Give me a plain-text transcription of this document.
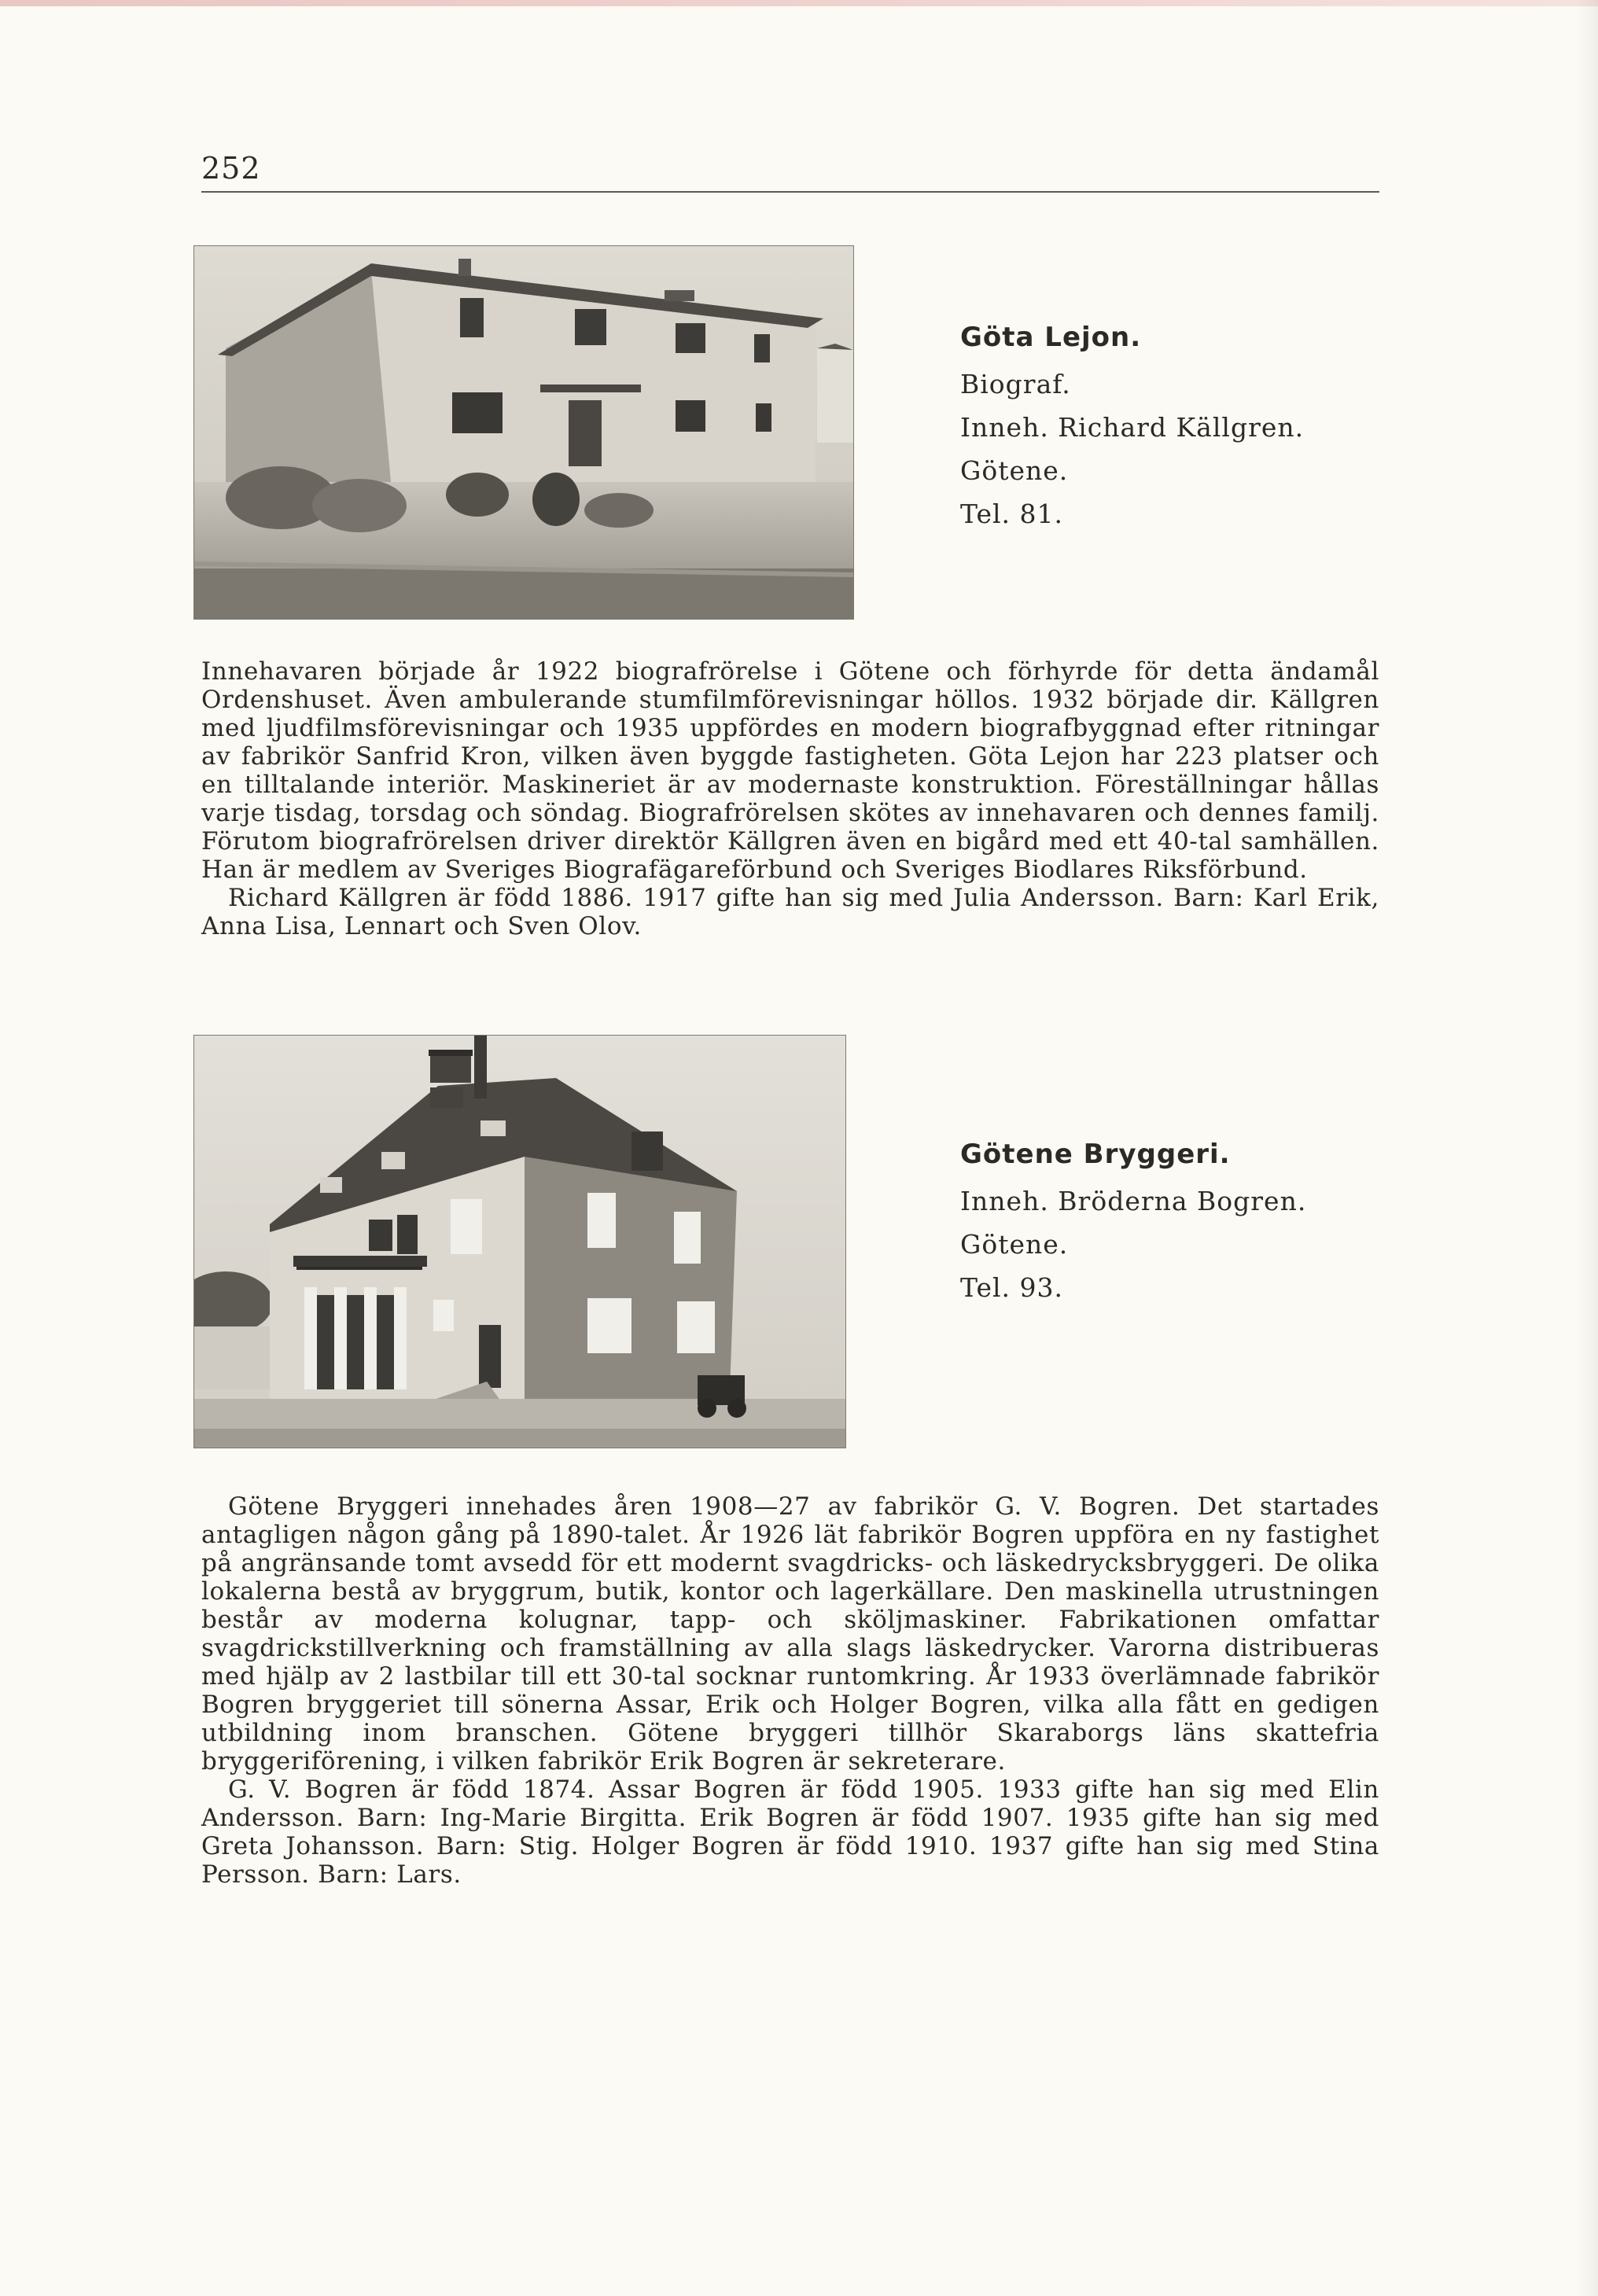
252
Göta Lejon.
Biograf.
Inneh. Richard Källgren.
Götene.
Tel. 81.

Innehavaren började år 1922 biografrörelse i Götene och förhyrde för detta ändamål Ordenshuset. Även ambulerande stumfilmförevisningar höllos. 1932 började dir. Källgren med ljudfilmsförevisningar och 1935 uppfördes en modern biografbyggnad efter ritningar av fabrikör Sanfrid Kron, vilken även byggde fastigheten. Göta Lejon har 223 platser och en tilltalande interiör. Maskineriet är av modernaste konstruktion. Föreställningar hållas varje tisdag, torsdag och söndag. Biografrörelsen skötes av innehavaren och dennes familj. Förutom biografrörelsen driver direktör Källgren även en bigård med ett 40-tal samhällen. Han är medlem av Sveriges Biografägareförbund och Sveriges Biodlares Riksförbund.

Richard Källgren är född 1886. 1917 gifte han sig med Julia Andersson. Barn: Karl Erik, Anna Lisa, Lennart och Sven Olov.

Götene Bryggeri.
Inneh. Bröderna Bogren.
Götene.
Tel. 93.

Götene Bryggeri innehades åren 1908—27 av fabrikör G. V. Bogren. Det startades antagligen någon gång på 1890-talet. År 1926 lät fabrikör Bogren uppföra en ny fastighet på angränsande tomt avsedd för ett modernt svagdricks- och läskedrycksbryggeri. De olika lokalerna bestå av bryggrum, butik, kontor och lagerkällare. Den maskinella utrustningen består av moderna kolugnar, tapp- och sköljmaskiner. Fabrikationen omfattar svagdrickstillverkning och framställning av alla slags läskedrycker. Varorna distribueras med hjälp av 2 lastbilar till ett 30-tal socknar runtomkring. År 1933 överlämnade fabrikör Bogren bryggeriet till sönerna Assar, Erik och Holger Bogren, vilka alla fått en gedigen utbildning inom branschen. Götene bryggeri tillhör Skaraborgs läns skattefria bryggeriförening, i vilken fabrikör Erik Bogren är sekreterare.

G. V. Bogren är född 1874. Assar Bogren är född 1905. 1933 gifte han sig med Elin Andersson. Barn: Ing-Marie Birgitta. Erik Bogren är född 1907. 1935 gifte han sig med Greta Johansson. Barn: Stig. Holger Bogren är född 1910. 1937 gifte han sig med Stina Persson. Barn: Lars.
